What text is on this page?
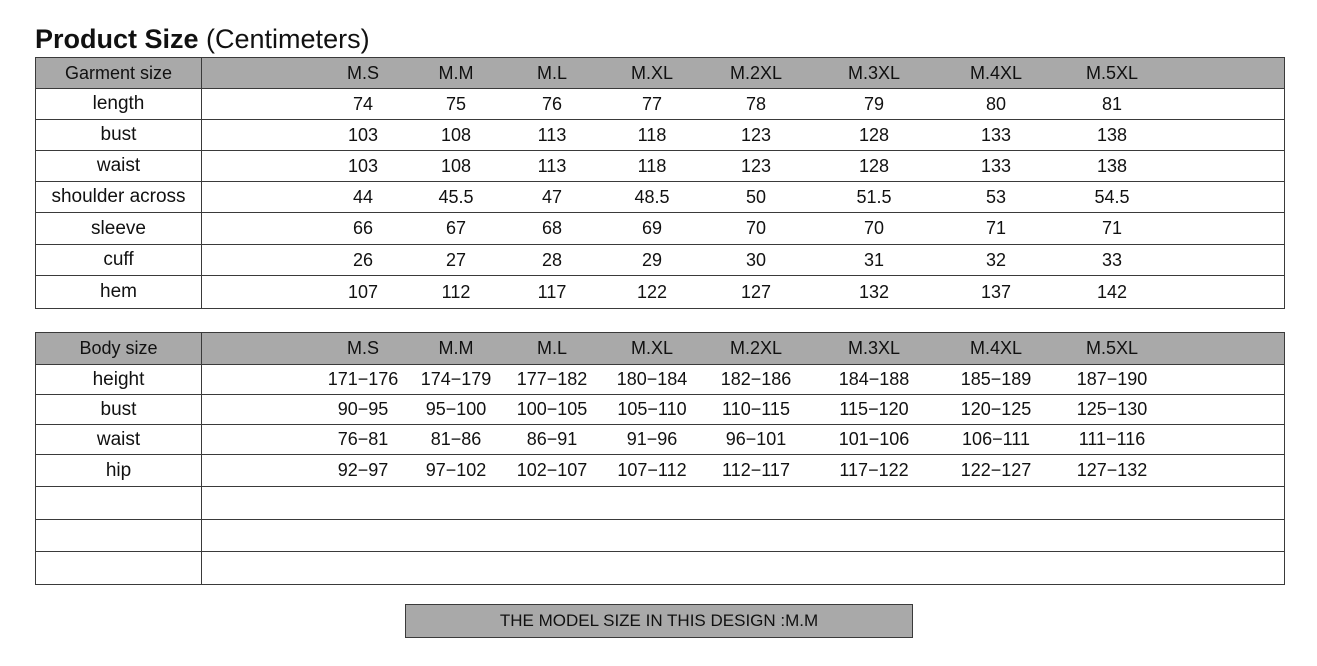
Product Size (Centimeters)
Garment size	M.S	M.M	M.L	M.XL	M.2XL	M.3XL	M.4XL	M.5XL
length	74	75	76	77	78	79	80	81
bust	103	108	113	118	123	128	133	138
waist	103	108	113	118	123	128	133	138
shoulder across	44	45.5	47	48.5	50	51.5	53	54.5
sleeve	66	67	68	69	70	70	71	71
cuff	26	27	28	29	30	31	32	33
hem	107	112	117	122	127	132	137	142
Body size	M.S	M.M	M.L	M.XL	M.2XL	M.3XL	M.4XL	M.5XL
height	171−176	174−179	177−182	180−184	182−186	184−188	185−189	187−190
bust	90−95	95−100	100−105	105−110	110−115	115−120	120−125	125−130
waist	76−81	81−86	86−91	91−96	96−101	101−106	106−111	111−116
hip	92−97	97−102	102−107	107−112	112−117	117−122	122−127	127−132
THE MODEL SIZE IN THIS DESIGN :M.M
